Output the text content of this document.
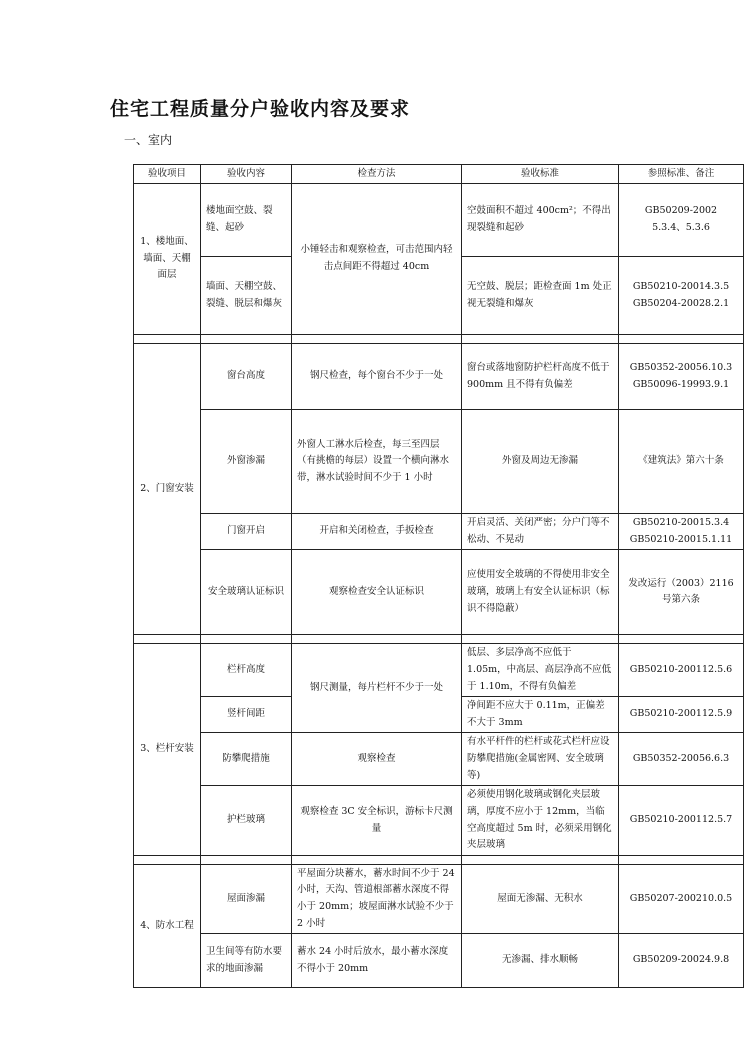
住宅工程质量分户验收内容及要求
一、室内
验收项目	验收内容	检查方法	验收标准	参照标准、备注
1、楼地面、墙面、天棚面层	楼地面空鼓、裂缝、起砂	小锤轻击和观察检查，可击范围内轻击点间距不得超过 40cm	空鼓面积不超过 400cm²；不得出现裂缝和起砂	GB50209-2002
5.3.4、5.3.6
	墙面、天棚空鼓、裂缝、脱层和爆灰		无空鼓、脱层；距检查面 1m 处正视无裂缝和爆灰	GB50210-20014.3.5
GB50204-20028.2.1

2、门窗安装	窗台高度	钢尺检查，每个窗台不少于一处	窗台或落地窗防护栏杆高度不低于 900mm 且不得有负偏差	GB50352-20056.10.3
GB50096-19993.9.1
	外窗渗漏	外窗人工淋水后检查，每三至四层（有挑檐的每层）设置一个横向淋水带，淋水试验时间不少于 1 小时	外窗及周边无渗漏	《建筑法》第六十条
	门窗开启	开启和关闭检查，手扳检查	开启灵活、关闭严密；分户门等不松动、不晃动	GB50210-20015.3.4
GB50210-20015.1.11
	安全玻璃认证标识	观察检查安全认证标识	应使用安全玻璃的不得使用非安全玻璃，玻璃上有安全认证标识（标识不得隐蔽）	发改运行（2003）2116 号第六条

3、栏杆安装	栏杆高度	钢尺测量，每片栏杆不少于一处	低层、多层净高不应低于 1.05m，中高层、高层净高不应低于 1.10m，不得有负偏差	GB50210-200112.5.6
	竖杆间距		净间距不应大于 0.11m，正偏差不大于 3mm	GB50210-200112.5.9
	防攀爬措施	观察检查	有水平杆件的栏杆或花式栏杆应设防攀爬措施(金属密网、安全玻璃等)	GB50352-20056.6.3
	护栏玻璃	观察检查 3C 安全标识，游标卡尺测量	必须使用钢化玻璃或钢化夹层玻璃，厚度不应小于 12mm，当临空高度超过 5m 时，必须采用钢化夹层玻璃	GB50210-200112.5.7

4、防水工程	屋面渗漏	平屋面分块蓄水，蓄水时间不少于 24 小时，天沟、管道根部蓄水深度不得小于 20mm；坡屋面淋水试验不少于 2 小时	屋面无渗漏、无积水	GB50207-200210.0.5
	卫生间等有防水要求的地面渗漏	蓄水 24 小时后放水，最小蓄水深度不得小于 20mm	无渗漏、排水顺畅	GB50209-20024.9.8
